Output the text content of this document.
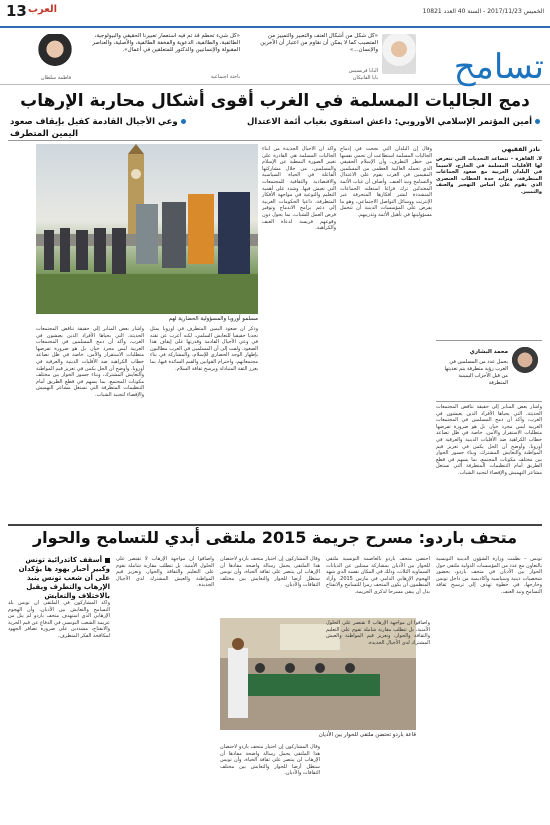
13 العرب	الخميس 2017/11/23 - السنة 40 العدد 10821
فاطمة سلطان
«كل شيء تحطم قد تم فيه استعمار تعبيرنا الحقيقي والبيولوجية، الطائفية، والطائفية، الدعوية والفخفة الطائفية، والأصلية، والعناصر المقبولة والإنسانيين والدكتور للمتعلقين في أعمال».
باحثة اجتماعية
«كل شكل من أشكال العنف والتعبير والتمييز من المتصبب كما لا يمكن أن نقاوم من اعتبار أن الآخرين والإنسان...»
البابا فرنسيس
بابا الفاتيكان تسامح
دمج الجاليات المسلمة في الغرب أقوى أشكال محاربة الإرهاب
أمين المؤتمر الإسلامي الأوروبي: داعش استقوى بغياب أئمة الاعتدال
وعي الأجيال القادمة كفيل بإيقاف صعود اليمين المتطرف
نادر الفقيهي
لا. القاهرة – تتصاعد التحديات التي تتعرض لها الأقليات المسلمة في الخارج، لاسيما في البلدان الغربية مع صعود الجماعات المتطرفة، وتزايد حدة الخطاب العنصري الذي يقوم على أساس التهجير والعنف والتمييز.
محمد البشاري
يحمل عدد من المسلمين في الغرب رؤية متطرفة يتم تغذيتها من قبل الأحزاب اليمينية المتطرفة
وأشار بعض المنابر إلى حقيقة تناقض المجتمعات الحديثة، التي يحياها الأفراد الذين يعيشون في الغرب، وأكد أن دمج المسلمين في المجتمعات الغربية ليس مجرد خيار، بل هو ضرورة تفرضها متطلبات الاستقرار والأمن، خاصة في ظل تصاعد خطاب الكراهية ضد الأقليات الدينية والعرقية في أوروبا. وأوضح أن الحل يكمن في تعزيز قيم المواطنة والتعايش المشترك، وبناء جسور الحوار بين مختلف مكونات المجتمع، بما يسهم في قطع الطريق أمام التنظيمات المتطرفة التي تستغل مشاعر التهميش والإقصاء لتجنيد الشباب.
وقال إن البلدان التي نجحت في إدماج الجاليات المسلمة استطاعت أن تحمي نفسها من خطر التطرف، وأن الإسلام الحقيقي الذي تحمله الغالبية العظمى من المسلمين المقيمين في الغرب يقوم على الاعتدال والتسامح ونبذ العنف. وأضاف أن غياب الأئمة المعتدلين ترك فراغا استغلته الجماعات المتشددة لنشر أفكارها المنحرفة عبر الإنترنت ووسائل التواصل الاجتماعي، وهو ما يفرض على المؤسسات الدينية أن تتحمل مسؤوليتها في تأهيل الأئمة وتدريبهم.
وأكد أن الأجيال الجديدة من أبناء الجاليات المسلمة هي القادرة على تغيير الصورة النمطية عن الإسلام والمسلمين، من خلال مشاركتها الفاعلة في الحياة السياسية والاقتصادية والثقافية للمجتمعات التي تعيش فيها. وشدد على أهمية التعليم والتوعية في مواجهة الأفكار المتطرفة، داعيا الحكومات الغربية إلى دعم برامج الاندماج وتوفير فرص العمل للشباب، بما يحول دون وقوعهم فريسة لدعاة العنف والكراهية.
مسلمو أوروبا والمسؤولية الحضارية لهم
وذكر أن صعود اليمين المتطرف في أوروبا يمثل تحديا حقيقيا للتعايش السلمي، لكنه أعرب عن ثقته في وعي الأجيال القادمة وقدرتها على إيقاف هذا الصعود. ولفت إلى أن المسلمين في الغرب مطالبون بإظهار الوجه الحضاري للإسلام، والمشاركة في بناء مجتمعاتهم، واحترام القوانين والقيم السائدة فيها، بما يعزز الثقة المتبادلة ويرسخ ثقافة السلام.
وأشار بعض المنابر إلى حقيقة تناقض المجتمعات الحديثة، التي يحياها الأفراد الذين يعيشون في الغرب، وأكد أن دمج المسلمين في المجتمعات الغربية ليس مجرد خيار، بل هو ضرورة تفرضها متطلبات الاستقرار والأمن، خاصة في ظل تصاعد خطاب الكراهية ضد الأقليات الدينية والعرقية في أوروبا. وأوضح أن الحل يكمن في تعزيز قيم المواطنة والتعايش المشترك، وبناء جسور الحوار بين مختلف مكونات المجتمع، بما يسهم في قطع الطريق أمام التنظيمات المتطرفة التي تستغل مشاعر التهميش والإقصاء لتجنيد الشباب.
متحف باردو: مسرح جريمة 2015 ملتقى أبدي للتسامح والحوار
تونس – نظمت وزارة الشؤون الدينية التونسية بالتعاون مع عدد من المؤسسات الدولية ملتقى حول الحوار بين الأديان في متحف باردو، بحضور شخصيات دينية وسياسية وأكاديمية من داخل تونس وخارجها، في خطوة تهدف إلى ترسيخ ثقافة التسامح ونبذ العنف.
احتضن متحف باردو بالعاصمة التونسية ملتقى للحوار بين الأديان بمشاركة ممثلين عن الديانات السماوية الثلاث، وذلك في المكان نفسه الذي شهد الهجوم الإرهابي الدامي في مارس 2015. وأراد المنظمون أن يكون المتحف رمزا للتسامح والانفتاح بدل أن يبقى مسرحا لذكرى الجريمة.
وقال المشاركون إن اختيار متحف باردو لاحتضان هذا الملتقى يحمل رسالة واضحة مفادها أن الإرهاب لن ينتصر على ثقافة الحياة، وأن تونس ستظل أرضا للحوار والتعايش بين مختلف الثقافات والأديان.
قاعة باردو تحتضن ملتقى للحوار بين الأديان
وأضافوا أن مواجهة الإرهاب لا تقتصر على الحلول الأمنية، بل تتطلب مقاربة شاملة تقوم على التعليم والثقافة والحوار، وتعزيز قيم المواطنة والعيش المشترك لدى الأجيال الجديدة.
وقال المشاركون إن اختيار متحف باردو لاحتضان هذا الملتقى يحمل رسالة واضحة مفادها أن الإرهاب لن ينتصر على ثقافة الحياة، وأن تونس ستظل أرضا للحوار والتعايش بين مختلف الثقافات والأديان.
وأضافوا أن مواجهة الإرهاب لا تقتصر على الحلول الأمنية، بل تتطلب مقاربة شاملة تقوم على التعليم والثقافة والحوار، وتعزيز قيم المواطنة والعيش المشترك لدى الأجيال الجديدة.
أسقف كاتدرائية تونس وكبير أحبار يهود ها يؤكدان على أن شعب تونس ينبذ الإرهاب والتطرف ويقبل بالاختلاف والتعايش
وأكد المشاركون في الملتقى أن تونس بلد التسامح والتعايش بين الأديان، وأن الهجوم الإرهابي الذي استهدف متحف باردو لم ينل من عزيمة الشعب التونسي في الدفاع عن قيم الحرية والانفتاح، مشددين على ضرورة تضافر الجهود لمكافحة الفكر المتطرف.
